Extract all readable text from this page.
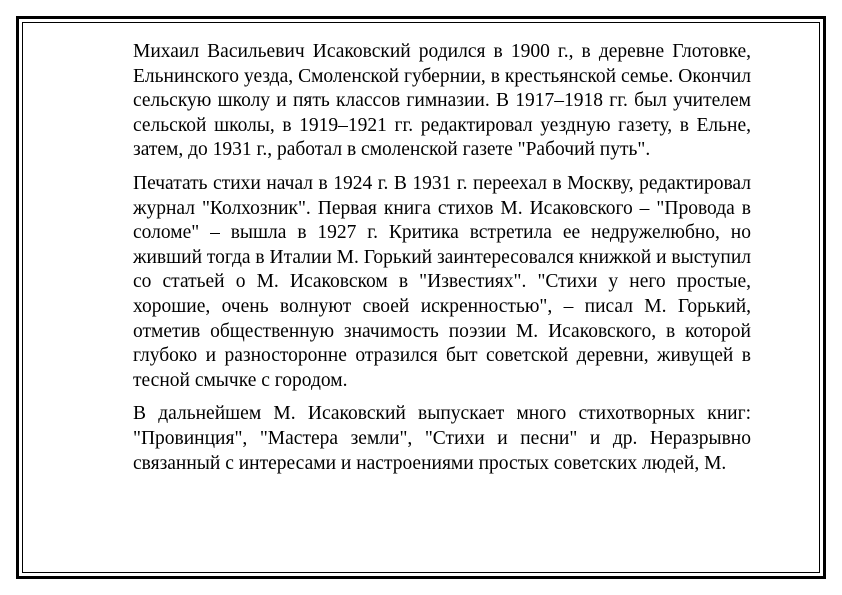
Михаил Васильевич Исаковский родился в 1900 г., в деревне Глотовке, Ельнинского уезда, Смоленской губернии, в крестьянской семье. Окончил сельскую школу и пять классов гимназии. В 1917–1918 гг. был учителем сельской школы, в 1919–1921 гг. редактировал уездную газету, в Ельне, затем, до 1931 г., работал в смоленской газете "Рабочий путь".

Печатать стихи начал в 1924 г. В 1931 г. переехал в Москву, редактировал журнал "Колхозник". Первая книга стихов М. Исаковского – "Провода в соломе" – вышла в 1927 г. Критика встретила ее недружелюбно, но живший тогда в Италии М. Горький заинтересовался книжкой и выступил со статьей о М. Исаковском в "Известиях". "Стихи у него простые, хорошие, очень волнуют своей искренностью", – писал М. Горький, отметив общественную значимость поэзии М. Исаковского, в которой глубоко и разносторонне отразился быт советской деревни, живущей в тесной смычке с городом.

В дальнейшем М. Исаковский выпускает много стихотворных книг: "Провинция", "Мастера земли", "Стихи и песни" и др. Неразрывно связанный с интересами и настроениями простых советских людей, М.
